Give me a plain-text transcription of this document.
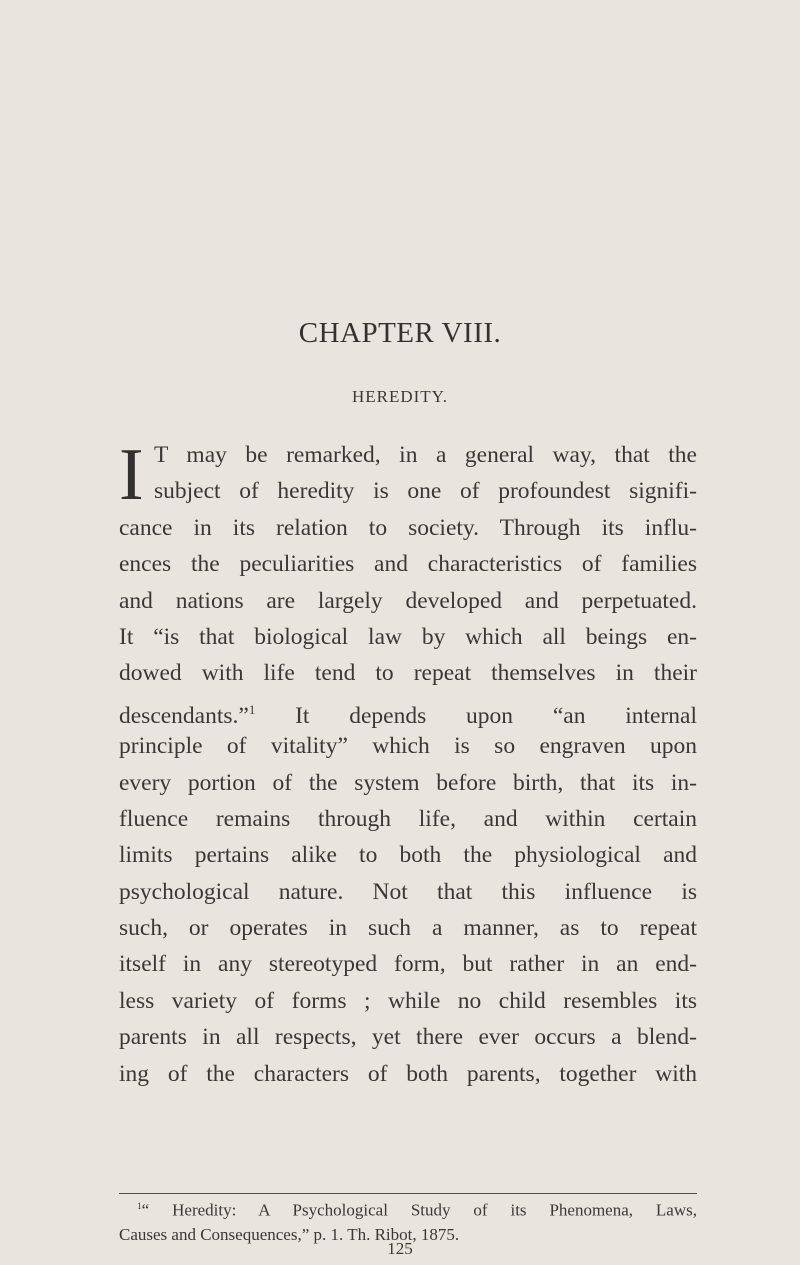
CHAPTER VIII.
HEREDITY.
I T may be remarked, in a general way, that the
subject of heredity is one of profoundest signifi-
cance in its relation to society. Through its influ-
ences the peculiarities and characteristics of families
and nations are largely developed and perpetuated.
It “is that biological law by which all beings en-
dowed with life tend to repeat themselves in their
descendants.”$^1$ It depends upon “an internal
principle of vitality” which is so engraven upon
every portion of the system before birth, that its in-
fluence remains through life, and within certain
limits pertains alike to both the physiological and
psychological nature. Not that this influence is
such, or operates in such a manner, as to repeat
itself in any stereotyped form, but rather in an end-
less variety of forms ; while no child resembles its
parents in all respects, yet there ever occurs a blend-
ing of the characters of both parents, together with
$^1$“ Heredity: A Psychological Study of its Phenomena, Laws,
Causes and Consequences,” p. 1. Th. Ribot, 1875.
125
